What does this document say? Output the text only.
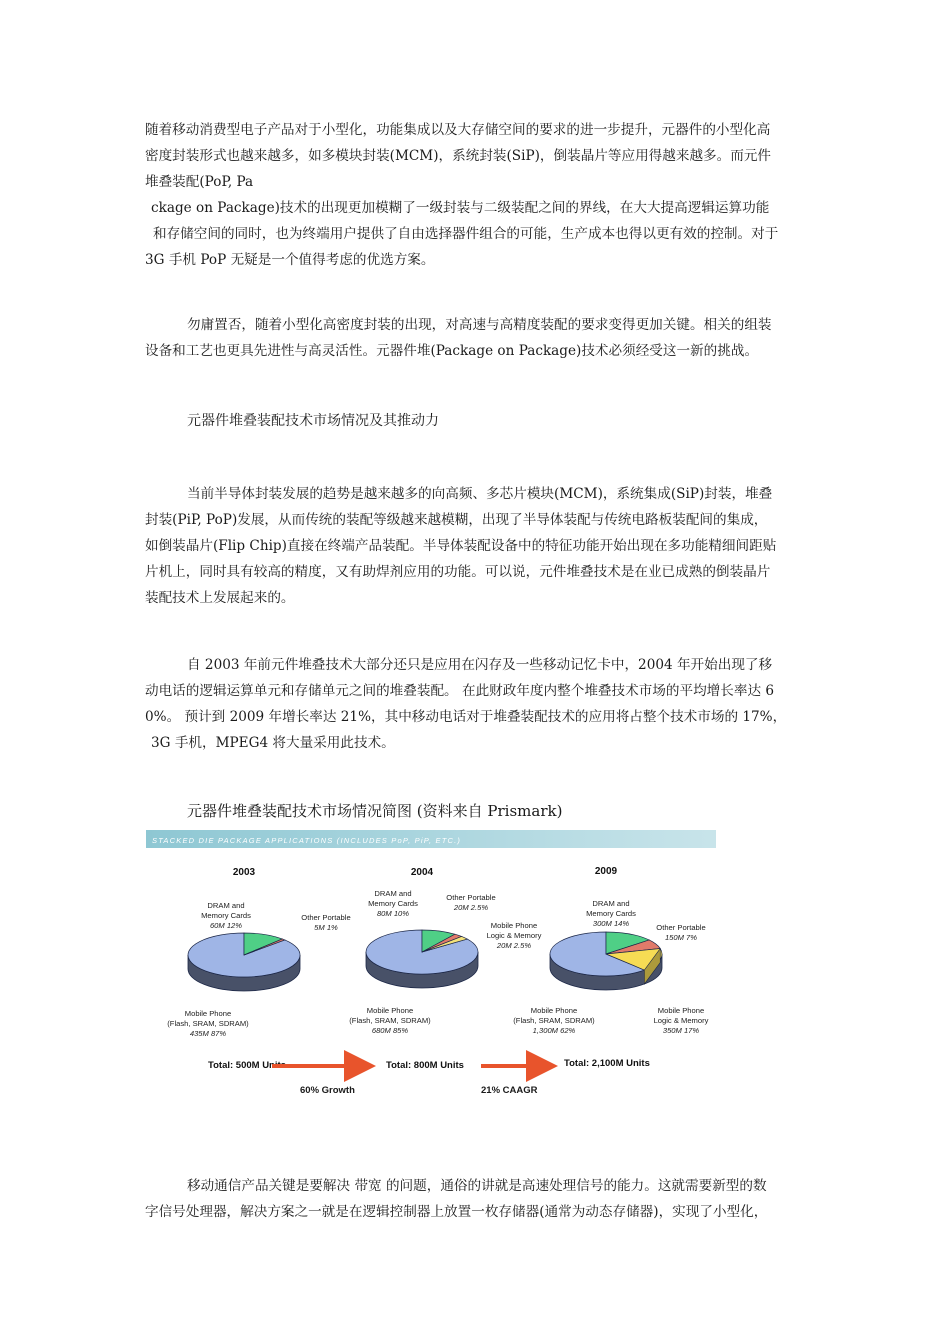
随着移动消费型电子产品对于小型化，功能集成以及大存储空间的要求的进一步提升，元器件的小型化高
密度封装形式也越来越多，如多模块封装(MCM)，系统封装(SiP)，倒装晶片等应用得越来越多。而元件
堆叠装配(PoP, Pa
ckage on Package)技术的出现更加模糊了一级封装与二级装配之间的界线，在大大提高逻辑运算功能
和存储空间的同时，也为终端用户提供了自由选择器件组合的可能，生产成本也得以更有效的控制。对于
3G 手机 PoP 无疑是一个值得考虑的优选方案。

勿庸置否，随着小型化高密度封装的出现，对高速与高精度装配的要求变得更加关键。相关的组装
设备和工艺也更具先进性与高灵活性。元器件堆(Package on Package)技术必须经受这一新的挑战。

元器件堆叠装配技术市场情况及其推动力

当前半导体封装发展的趋势是越来越多的向高频、多芯片模块(MCM)，系统集成(SiP)封装，堆叠
封装(PiP, PoP)发展，从而传统的装配等级越来越模糊，出现了半导体装配与传统电路板装配间的集成，
如倒装晶片(Flip Chip)直接在终端产品装配。半导体装配设备中的特征功能开始出现在多功能精细间距贴
片机上，同时具有较高的精度，又有助焊剂应用的功能。可以说，元件堆叠技术是在业已成熟的倒装晶片
装配技术上发展起来的。

自 2003 年前元件堆叠技术大部分还只是应用在闪存及一些移动记忆卡中，2004 年开始出现了移
动电话的逻辑运算单元和存储单元之间的堆叠装配。 在此财政年度内整个堆叠技术市场的平均增长率达 6
0%。 预计到 2009 年增长率达 21%，其中移动电话对于堆叠装配技术的应用将占整个技术市场的 17%，
3G 手机，MPEG4 将大量采用此技术。

元器件堆叠装配技术市场情况简图 (资料来自 Prismark)
STACKED DIE PACKAGE APPLICATIONS (INCLUDES PoP, PiP, ETC.)
2003
Mobile Phone
(Flash, SRAM, SDRAM)
435M 87%
DRAM and
Memory Cards
60M 12%
Other Portable
5M 1%
Total: 500M Units
2004
Mobile Phone
(Flash, SRAM, SDRAM)
680M 85%
DRAM and
Memory Cards
80M 10%
Other Portable
20M 2.5%
Mobile Phone
Logic & Memory
20M 2.5%
Total: 800M Units
2009
Mobile Phone
(Flash, SRAM, SDRAM)
1,300M 62%
DRAM and
Memory Cards
300M 14%	Other Portable
150M 7%
Mobile Phone
Logic & Memory
350M 17%
Total: 2,100M Units
60% Growth	21% CAAGR

移动通信产品关键是要解决 带宽 的问题，通俗的讲就是高速处理信号的能力。这就需要新型的数
字信号处理器，解决方案之一就是在逻辑控制器上放置一枚存储器(通常为动态存储器)，实现了小型化，
